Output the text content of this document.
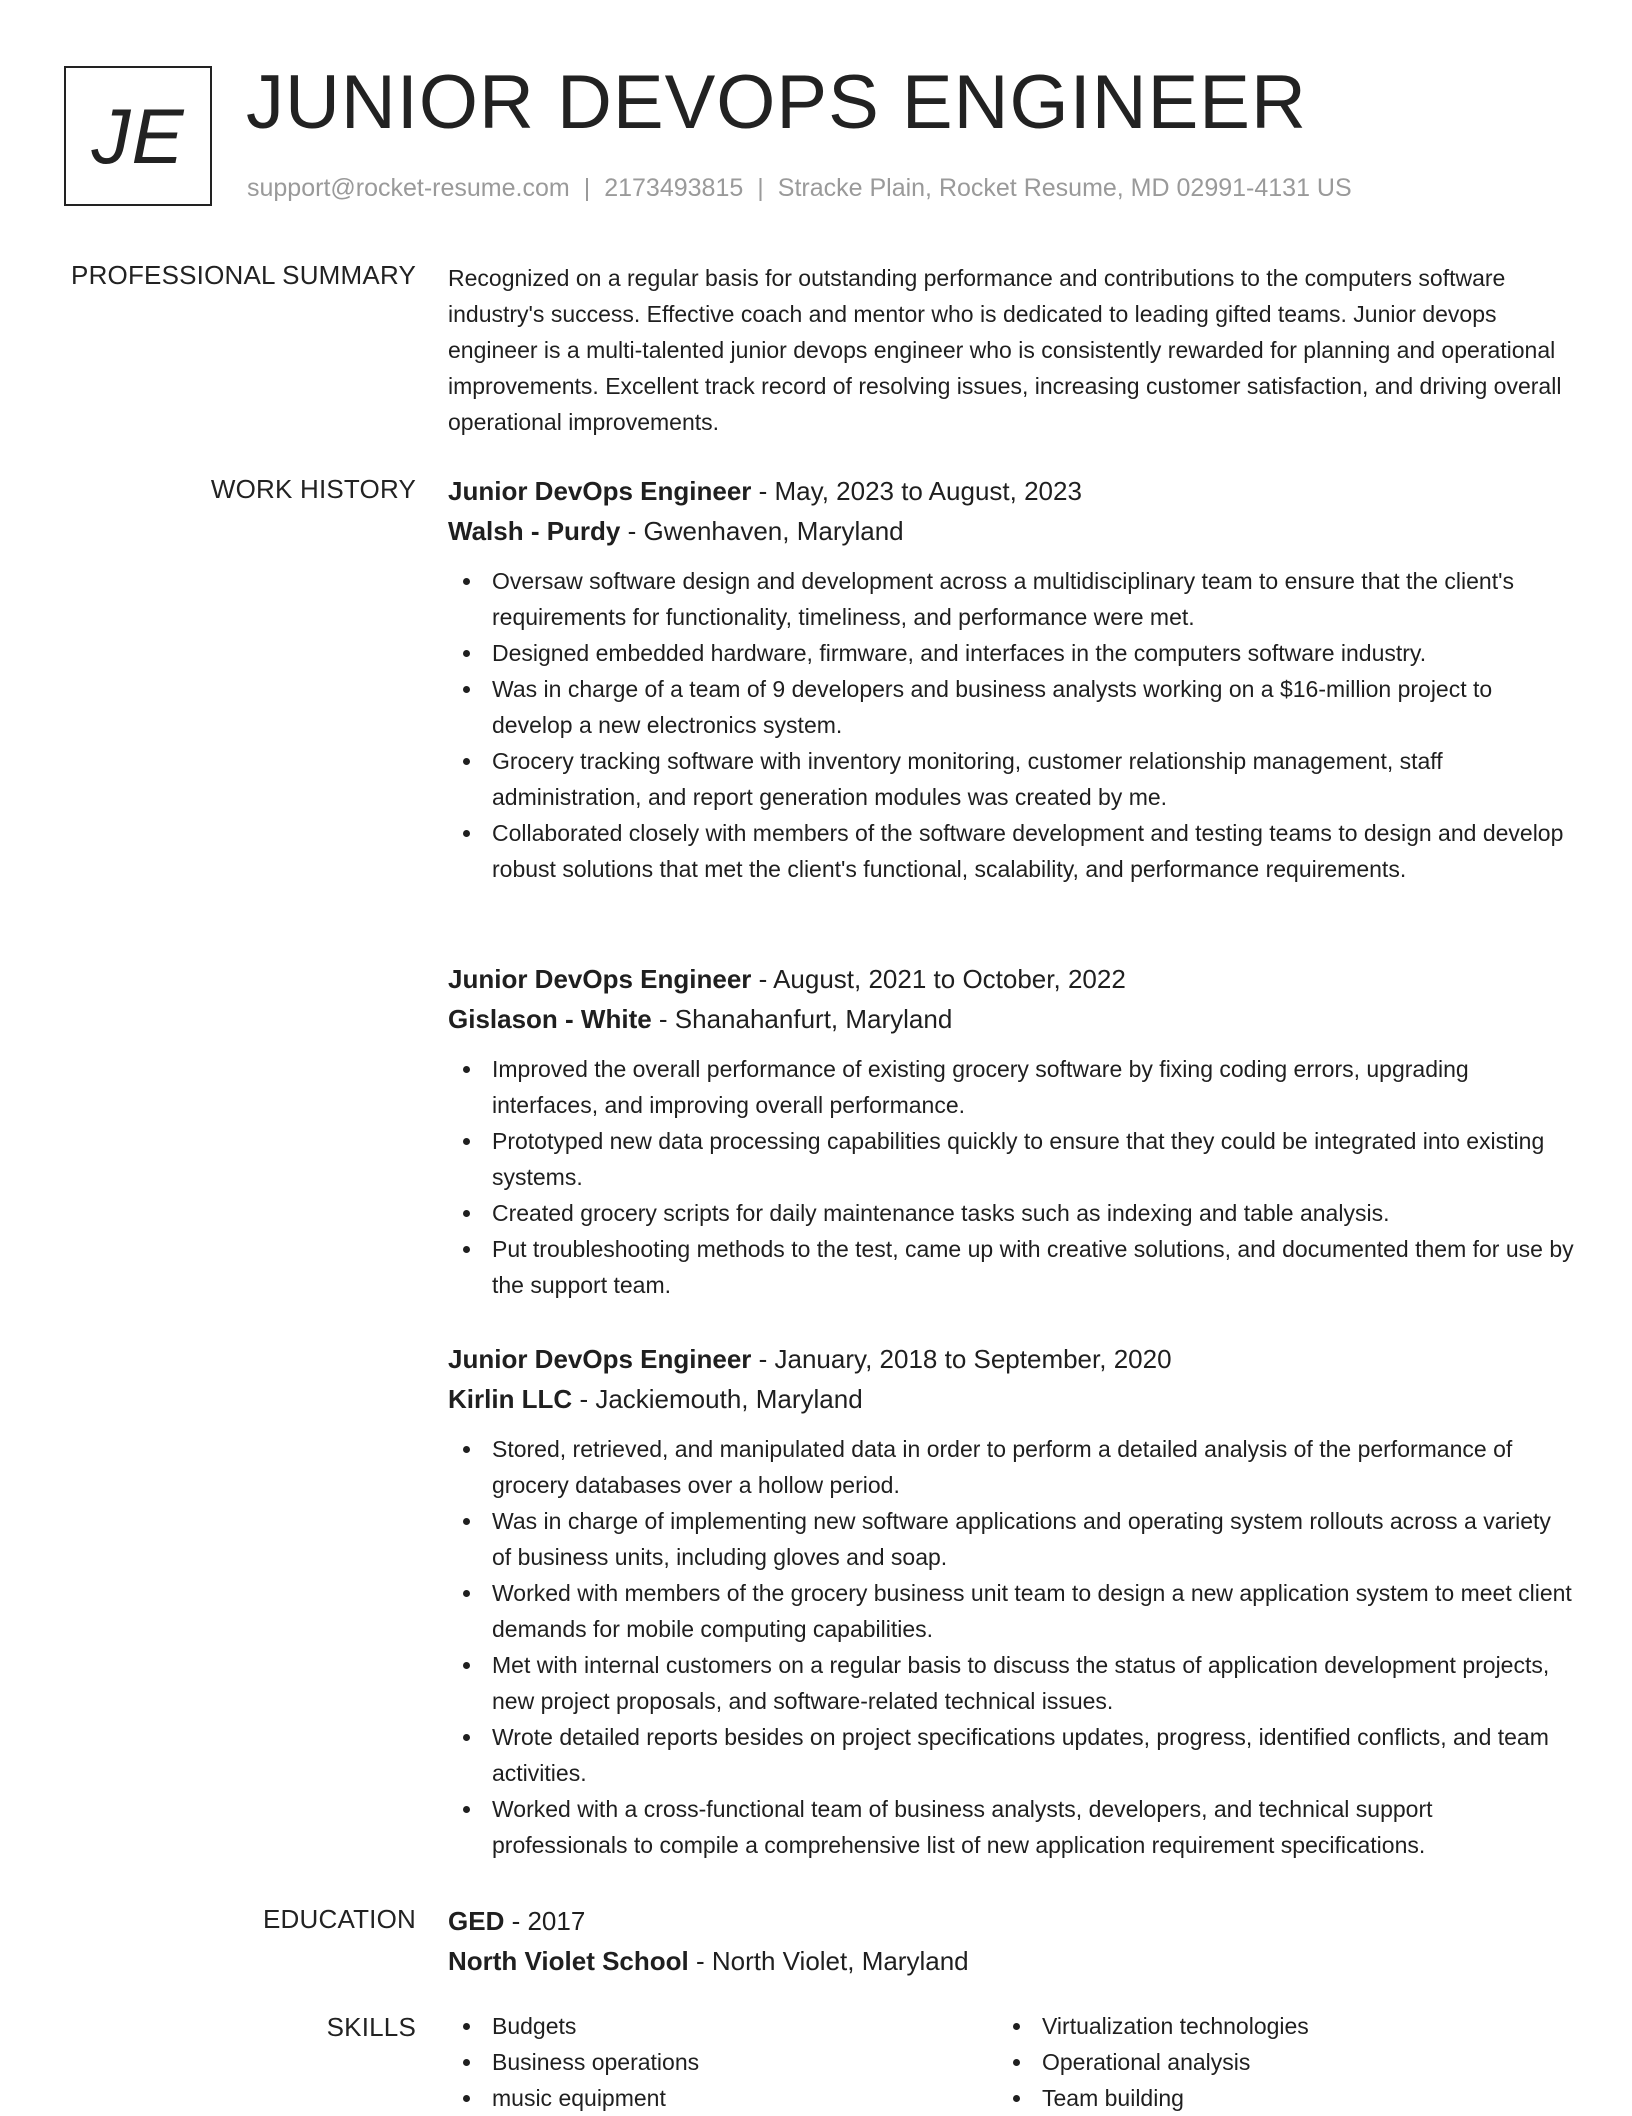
JE JUNIOR DEVOPS ENGINEER
support@rocket-resume.com | 2173493815 | Stracke Plain, Rocket Resume, MD 02991-4131 US
PROFESSIONAL SUMMARY Recognized on a regular basis for outstanding performance and contributions to the computers software industry's success. Effective coach and mentor who is dedicated to leading gifted teams. Junior devops engineer is a multi-talented junior devops engineer who is consistently rewarded for planning and operational improvements. Excellent track record of resolving issues, increasing customer satisfaction, and driving overall operational improvements.

WORK HISTORY Junior DevOps Engineer - May, 2023 to August, 2023
Walsh - Purdy - Gwenhaven, Maryland
Oversaw software design and development across a multidisciplinary team to ensure that the client's requirements for functionality, timeliness, and performance were met.
Designed embedded hardware, firmware, and interfaces in the computers software industry.
Was in charge of a team of 9 developers and business analysts working on a $16-million project to develop a new electronics system.
Grocery tracking software with inventory monitoring, customer relationship management, staff administration, and report generation modules was created by me.
Collaborated closely with members of the software development and testing teams to design and develop robust solutions that met the client's functional, scalability, and performance requirements.
Junior DevOps Engineer - August, 2021 to October, 2022
Gislason - White - Shanahanfurt, Maryland
Improved the overall performance of existing grocery software by fixing coding errors, upgrading interfaces, and improving overall performance.
Prototyped new data processing capabilities quickly to ensure that they could be integrated into existing systems.
Created grocery scripts for daily maintenance tasks such as indexing and table analysis.
Put troubleshooting methods to the test, came up with creative solutions, and documented them for use by the support team.
Junior DevOps Engineer - January, 2018 to September, 2020
Kirlin LLC - Jackiemouth, Maryland
Stored, retrieved, and manipulated data in order to perform a detailed analysis of the performance of grocery databases over a hollow period.
Was in charge of implementing new software applications and operating system rollouts across a variety of business units, including gloves and soap.
Worked with members of the grocery business unit team to design a new application system to meet client demands for mobile computing capabilities.
Met with internal customers on a regular basis to discuss the status of application development projects, new project proposals, and software-related technical issues.
Wrote detailed reports besides on project specifications updates, progress, identified conflicts, and team activities.
Worked with a cross-functional team of business analysts, developers, and technical support professionals to compile a comprehensive list of new application requirement specifications.
EDUCATION GED - 2017
North Violet School - North Violet, Maryland
SKILLS	Budgets
Business operations
music equipment
Virtualization technologies
Operational analysis
Team building
